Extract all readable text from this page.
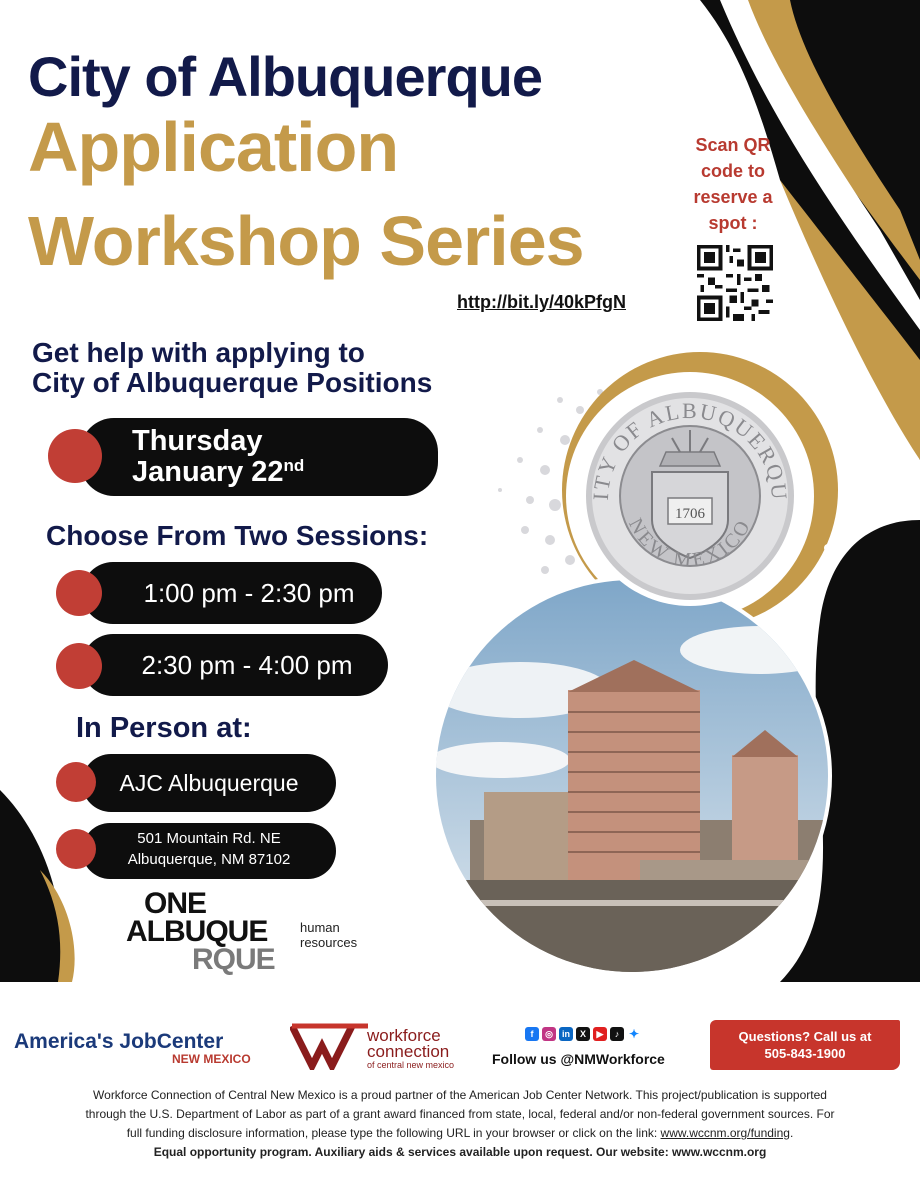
ITY OF ALBUQUERQU
NEW MEXICO
1706
City of Albuquerque
Application
Workshop Series
Scan QR
code to
reserve a
spot :
http://bit.ly/40kPfgN
Get help with applying to
City of Albuquerque Positions
Thursday
January 22nd
Choose From Two Sessions:
1:00 pm - 2:30 pm
2:30 pm - 4:00 pm
In Person at:
AJC Albuquerque
501 Mountain Rd. NE
Albuquerque, NM 87102
ONE
ALBUQUE
RQUE
human
resources
America's JobCenter
NEW MEXICO
workforce
connection
of central new mexico
f	◎	in	X	▶	♪ ✦
Follow us @NMWorkforce
Questions? Call us at
505-843-1900
Workforce Connection of Central New Mexico is a proud partner of the American Job Center Network. This project/publication is supported
through the U.S. Department of Labor as part of a grant award financed from state, local, federal and/or non-federal government sources. For
full funding disclosure information, please type the following URL in your browser or click on the link: www.wccnm.org/funding.
Equal opportunity program. Auxiliary aids & services available upon request. Our website: www.wccnm.org
